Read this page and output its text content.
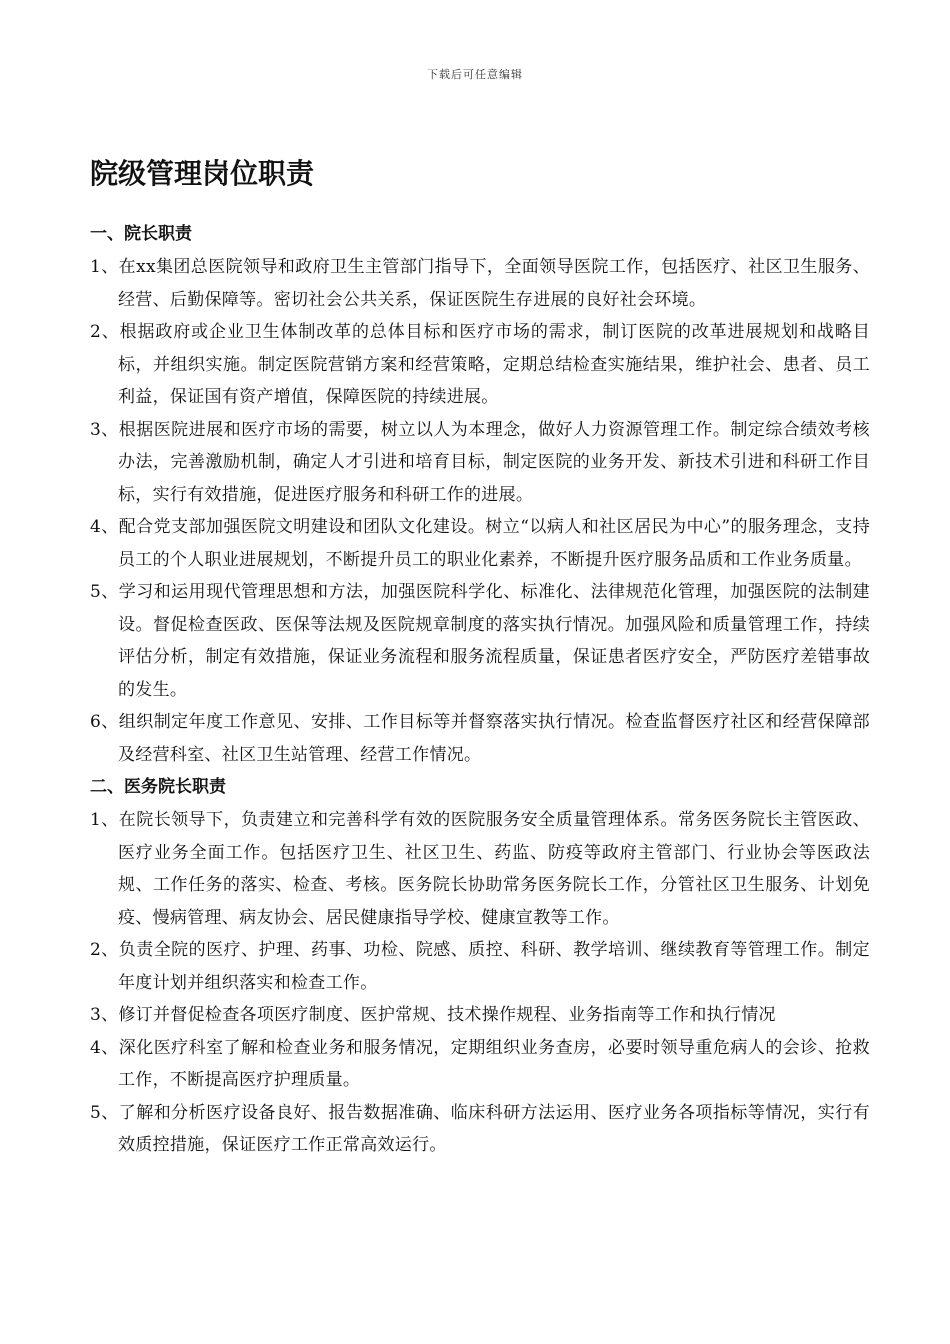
下载后可任意编辑
院级管理岗位职责
一、院长职责
1、在xx集团总医院领导和政府卫生主管部门指导下，全面领导医院工作，包括医疗、社区卫生服务、经营、后勤保障等。密切社会公共关系，保证医院生存进展的良好社会环境。
2、根据政府或企业卫生体制改革的总体目标和医疗市场的需求，制订医院的改革进展规划和战略目标，并组织实施。制定医院营销方案和经营策略，定期总结检查实施结果，维护社会、患者、员工利益，保证国有资产增值，保障医院的持续进展。
3、根据医院进展和医疗市场的需要，树立以人为本理念，做好人力资源管理工作。制定综合绩效考核办法，完善激励机制，确定人才引进和培育目标，制定医院的业务开发、新技术引进和科研工作目标，实行有效措施，促进医疗服务和科研工作的进展。
4、配合党支部加强医院文明建设和团队文化建设。树立“以病人和社区居民为中心”的服务理念，支持员工的个人职业进展规划，不断提升员工的职业化素养，不断提升医疗服务品质和工作业务质量。
5、学习和运用现代管理思想和方法，加强医院科学化、标准化、法律规范化管理，加强医院的法制建设。督促检查医政、医保等法规及医院规章制度的落实执行情况。加强风险和质量管理工作，持续评估分析，制定有效措施，保证业务流程和服务流程质量，保证患者医疗安全，严防医疗差错事故的发生。
6、组织制定年度工作意见、安排、工作目标等并督察落实执行情况。检查监督医疗社区和经营保障部及经营科室、社区卫生站管理、经营工作情况。
二、医务院长职责
1、在院长领导下，负责建立和完善科学有效的医院服务安全质量管理体系。常务医务院长主管医政、医疗业务全面工作。包括医疗卫生、社区卫生、药监、防疫等政府主管部门、行业协会等医政法规、工作任务的落实、检查、考核。医务院长协助常务医务院长工作，分管社区卫生服务、计划免疫、慢病管理、病友协会、居民健康指导学校、健康宣教等工作。
2、负责全院的医疗、护理、药事、功检、院感、质控、科研、教学培训、继续教育等管理工作。制定年度计划并组织落实和检查工作。
3、修订并督促检查各项医疗制度、医护常规、技术操作规程、业务指南等工作和执行情况
4、深化医疗科室了解和检查业务和服务情况，定期组织业务查房，必要时领导重危病人的会诊、抢救工作，不断提高医疗护理质量。
5、了解和分析医疗设备良好、报告数据准确、临床科研方法运用、医疗业务各项指标等情况，实行有效质控措施，保证医疗工作正常高效运行。
